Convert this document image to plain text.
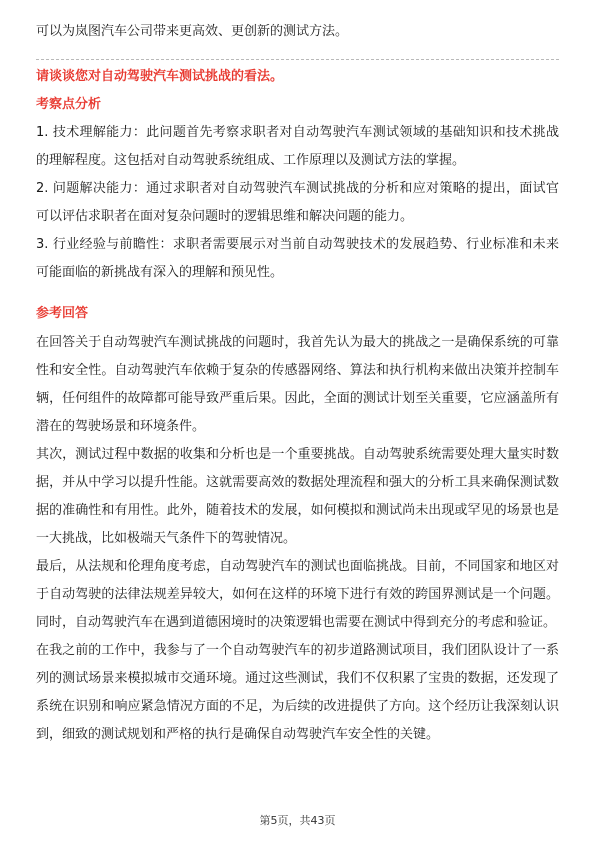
可以为岚图汽车公司带来更高效、更创新的测试方法。
请谈谈您对自动驾驶汽车测试挑战的看法。
考察点分析

1. 技术理解能力：此问题首先考察求职者对自动驾驶汽车测试领域的基础知识和技术挑战的理解程度。这包括对自动驾驶系统组成、工作原理以及测试方法的掌握。

2. 问题解决能力：通过求职者对自动驾驶汽车测试挑战的分析和应对策略的提出，面试官可以评估求职者在面对复杂问题时的逻辑思维和解决问题的能力。

3. 行业经验与前瞻性：求职者需要展示对当前自动驾驶技术的发展趋势、行业标准和未来可能面临的新挑战有深入的理解和预见性。

参考回答

在回答关于自动驾驶汽车测试挑战的问题时，我首先认为最大的挑战之一是确保系统的可靠性和安全性。自动驾驶汽车依赖于复杂的传感器网络、算法和执行机构来做出决策并控制车辆，任何组件的故障都可能导致严重后果。因此，全面的测试计划至关重要，它应涵盖所有潜在的驾驶场景和环境条件。

其次，测试过程中数据的收集和分析也是一个重要挑战。自动驾驶系统需要处理大量实时数据，并从中学习以提升性能。这就需要高效的数据处理流程和强大的分析工具来确保测试数据的准确性和有用性。此外，随着技术的发展，如何模拟和测试尚未出现或罕见的场景也是一大挑战，比如极端天气条件下的驾驶情况。

最后，从法规和伦理角度考虑，自动驾驶汽车的测试也面临挑战。目前，不同国家和地区对于自动驾驶的法律法规差异较大，如何在这样的环境下进行有效的跨国界测试是一个问题。同时，自动驾驶汽车在遇到道德困境时的决策逻辑也需要在测试中得到充分的考虑和验证。

在我之前的工作中，我参与了一个自动驾驶汽车的初步道路测试项目，我们团队设计了一系列的测试场景来模拟城市交通环境。通过这些测试，我们不仅积累了宝贵的数据，还发现了系统在识别和响应紧急情况方面的不足，为后续的改进提供了方向。这个经历让我深刻认识到，细致的测试规划和严格的执行是确保自动驾驶汽车安全性的关键。

第5页，共43页
